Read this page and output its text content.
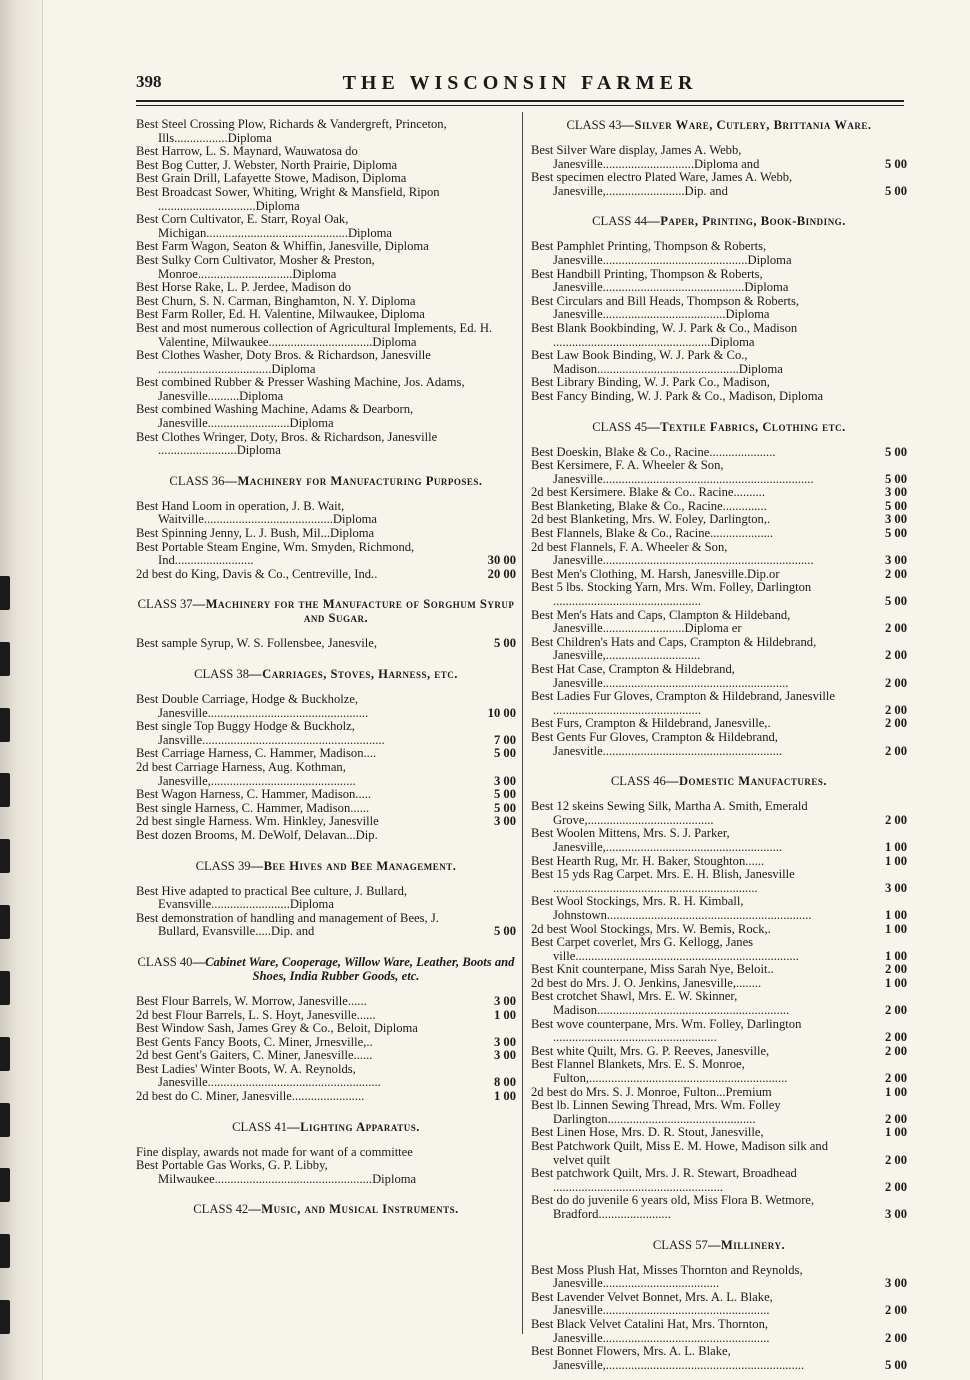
398	THE WISCONSIN FARMER
Best Steel Crossing Plow, Richards & Vandergreft, Princeton, Ills.................Diploma
Best Harrow, L. S. Maynard, Wauwatosa do
Best Bog Cutter, J. Webster, North Prairie, Diploma
Best Grain Drill, Lafayette Stowe, Madison, Diploma
Best Broadcast Sower, Whiting, Wright & Mansfield, Ripon ...............................Diploma
Best Corn Cultivator, E. Starr, Royal Oak, Michigan.............................................Diploma
Best Farm Wagon, Seaton & Whiffin, Janesville, Diploma
Best Sulky Corn Cultivator, Mosher & Preston, Monroe..............................Diploma
Best Horse Rake, L. P. Jerdee, Madison do
Best Churn, S. N. Carman, Binghamton, N. Y. Diploma
Best Farm Roller, Ed. H. Valentine, Milwaukee, Diploma
Best and most numerous collection of Agricultural Implements, Ed. H. Valentine, Milwaukee.................................Diploma
Best Clothes Washer, Doty Bros. & Richardson, Janesville ....................................Diploma
Best combined Rubber & Presser Washing Machine, Jos. Adams, Janesville..........Diploma
Best combined Washing Machine, Adams & Dearborn, Janesville..........................Diploma
Best Clothes Wringer, Doty, Bros. & Richardson, Janesville .........................Diploma
CLASS 36—Machinery for Manufacturing Purposes.
Best Hand Loom in operation, J. B. Wait, Waitville.........................................Diploma
Best Spinning Jenny, L. J. Bush, Mil...Diploma
Best Portable Steam Engine, Wm. Smyden, Richmond, Ind.........................	30 00
2d best do King, Davis & Co., Centreville, Ind..	20 00
CLASS 37—Machinery for the Manufacture of Sorghum Syrup and Sugar.
Best sample Syrup, W. S. Follensbee, Janesvile,	5 00
CLASS 38—Carriages, Stoves, Harness, etc.
Best Double Carriage, Hodge & Buckholze, Janesville...................................................	10 00
Best single Top Buggy Hodge & Buckholz, Jansville..........................................................	7 00
Best Carriage Harness, C. Hammer, Madison....	5 00
2d best Carriage Harness, Aug. Kothman, Janesville,..............................................	3 00
Best Wagon Harness, C. Hammer, Madison.....	5 00
Best single Harness, C. Hammer, Madison......	5 00
2d best single Harness. Wm. Hinkley, Janesville	3 00
Best dozen Brooms, M. DeWolf, Delavan...Dip.
CLASS 39—Bee Hives and Bee Management.
Best Hive adapted to practical Bee culture, J. Bullard, Evansville.........................Diploma
Best demonstration of handling and management of Bees, J. Bullard, Evansville.....Dip. and	5 00
CLASS 40—Cabinet Ware, Cooperage, Willow Ware, Leather, Boots and Shoes, India Rubber Goods, etc.
Best Flour Barrels, W. Morrow, Janesville......	3 00
2d best Flour Barrels, L. S. Hoyt, Janesville......	1 00
Best Window Sash, James Grey & Co., Beloit, Diploma
Best Gents Fancy Boots, C. Miner, Jrnesville,..	3 00
2d best Gent's Gaiters, C. Miner, Janesville......	3 00
Best Ladies' Winter Boots, W. A. Reynolds, Janesville.......................................................	8 00
2d best do C. Miner, Janesville.......................	1 00
CLASS 41—Lighting Apparatus.
Fine display, awards not made for want of a committee
Best Portable Gas Works, G. P. Libby, Milwaukee..................................................Diploma
CLASS 42—Music, and Musical Instruments.
CLASS 43—Silver Ware, Cutlery, Brittania Ware.
Best Silver Ware display, James A. Webb, Janesville.............................Diploma and	5 00
Best specimen electro Plated Ware, James A. Webb, Janesville,.........................Dip. and	5 00
CLASS 44—Paper, Printing, Book-Binding.
Best Pamphlet Printing, Thompson & Roberts, Janesville..............................................Diploma
Best Handbill Printing, Thompson & Roberts, Janesville.............................................Diploma
Best Circulars and Bill Heads, Thompson & Roberts, Janesville.......................................Diploma
Best Blank Bookbinding, W. J. Park & Co., Madison ..................................................Diploma
Best Law Book Binding, W. J. Park & Co., Madison.............................................Diploma
Best Library Binding, W. J. Park Co., Madison,
Best Fancy Binding, W. J. Park & Co., Madison, Diploma
CLASS 45—Textile Fabrics, Clothing etc.
Best Doeskin, Blake & Co., Racine.....................	5 00
Best Kersimere, F. A. Wheeler & Son, Janesville...................................................................	5 00
2d best Kersimere. Blake & Co.. Racine..........	3 00
Best Blanketing, Blake & Co., Racine..............	5 00
2d best Blanketing, Mrs. W. Foley, Darlington,.	3 00
Best Flannels, Blake & Co., Racine....................	5 00
2d best Flannels, F. A. Wheeler & Son, Janesville...................................................................	3 00
Best Men's Clothing, M. Harsh, Janesville.Dip.or	2 00
Best 5 lbs. Stocking Yarn, Mrs. Wm. Folley, Darlington ...............................................	5 00
Best Men's Hats and Caps, Clampton & Hildeband, Janesville..........................Diploma er	2 00
Best Children's Hats and Caps, Crampton & Hildebrand, Janesville,..............................	2 00
Best Hat Case, Crampton & Hildebrand, Janesville...........................................................	2 00
Best Ladies Fur Gloves, Crampton & Hildebrand, Janesville ...............................................	2 00
Best Furs, Crampton & Hildebrand, Janesville,.	2 00
Best Gents Fur Gloves, Crampton & Hildebrand, Janesvitle.........................................................	2 00
CLASS 46—Domestic Manufactures.
Best 12 skeins Sewing Silk, Martha A. Smith, Emerald Grove,........................................	2 00
Best Woolen Mittens, Mrs. S. J. Parker, Janesville,........................................................	1 00
Best Hearth Rug, Mr. H. Baker, Stoughton......	1 00
Best 15 yds Rag Carpet. Mrs. E. H. Blish, Janesville .................................................................	3 00
Best Wool Stockings, Mrs. R. H. Kimball, Johnstown.................................................................	1 00
2d best Wool Stockings, Mrs. W. Bemis, Rock,.	1 00
Best Carpet coverlet, Mrs G. Kellogg, Janes ville.......................................................................	1 00
Best Knit counterpane, Miss Sarah Nye, Beloit..	2 00
2d best do Mrs. J. O. Jenkins, Janesville,........	1 00
Best crotchet Shawl, Mrs. E. W. Skinner, Madison.............................................................	2 00
Best wove counterpane, Mrs. Wm. Folley, Darlington ....................................................	2 00
Best white Quilt, Mrs. G. P. Reeves, Janesville,	2 00
Best Flannel Blankets, Mrs. E. S. Monroe, Fulton,...............................................................	2 00
2d best do Mrs. S. J. Monroe, Fulton...Premium	1 00
Best lb. Linnen Sewing Thread, Mrs. Wm. Folley Darlington...............................................	2 00
Best Linen Hose, Mrs. D. R. Stout, Janesville,	1 00
Best Patchwork Quilt, Miss E. M. Howe, Madison silk and velvet quilt	2 00
Best patchwork Quilt, Mrs. J. R. Stewart, Broadhead ......................................................	2 00
Best do do juvenile 6 years old, Miss Flora B. Wetmore, Bradford.......................	3 00
CLASS 57—Millinery.
Best Moss Plush Hat, Misses Thornton and Reynolds, Janesville.....................................	3 00
Best Lavender Velvet Bonnet, Mrs. A. L. Blake, Janesville.....................................................	2 00
Best Black Velvet Catalini Hat, Mrs. Thornton, Janesville.....................................................	2 00
Best Bonnet Flowers, Mrs. A. L. Blake, Janesville,...............................................................	5 00
